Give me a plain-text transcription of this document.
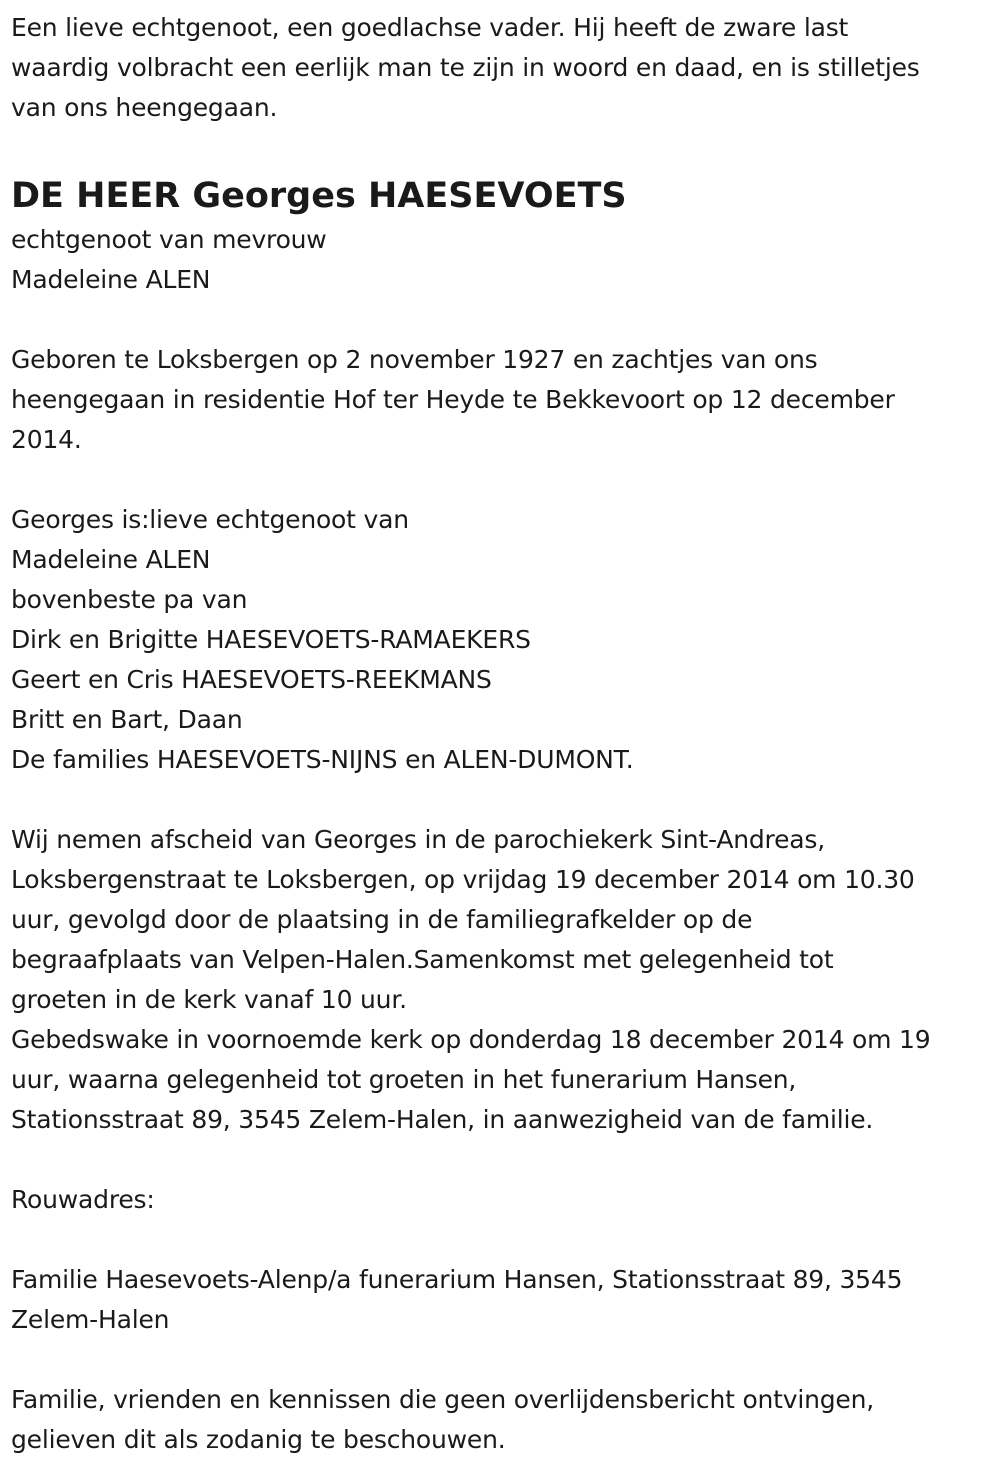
Een lieve echtgenoot, een goedlachse vader. Hij heeft de zware last
waardig volbracht een eerlijk man te zijn in woord en daad, en is stilletjes
van ons heengegaan.
DE HEER Georges HAESEVOETS
echtgenoot van mevrouw
Madeleine ALEN
Geboren te Loksbergen op 2 november 1927 en zachtjes van ons
heengegaan in residentie Hof ter Heyde te Bekkevoort op 12 december
2014.
Georges is:lieve echtgenoot van
Madeleine ALEN
bovenbeste pa van
Dirk en Brigitte HAESEVOETS-RAMAEKERS
Geert en Cris HAESEVOETS-REEKMANS
Britt en Bart, Daan
De families HAESEVOETS-NIJNS en ALEN-DUMONT.
Wij nemen afscheid van Georges in de parochiekerk Sint-Andreas,
Loksbergenstraat te Loksbergen, op vrijdag 19 december 2014 om 10.30
uur, gevolgd door de plaatsing in de familiegrafkelder op de
begraafplaats van Velpen-Halen.Samenkomst met gelegenheid tot
groeten in de kerk vanaf 10 uur.
Gebedswake in voornoemde kerk op donderdag 18 december 2014 om 19
uur, waarna gelegenheid tot groeten in het funerarium Hansen,
Stationsstraat 89, 3545 Zelem-Halen, in aanwezigheid van de familie.
Rouwadres:
Familie Haesevoets-Alenp/a funerarium Hansen, Stationsstraat 89, 3545
Zelem-Halen
Familie, vrienden en kennissen die geen overlijdensbericht ontvingen,
gelieven dit als zodanig te beschouwen.
